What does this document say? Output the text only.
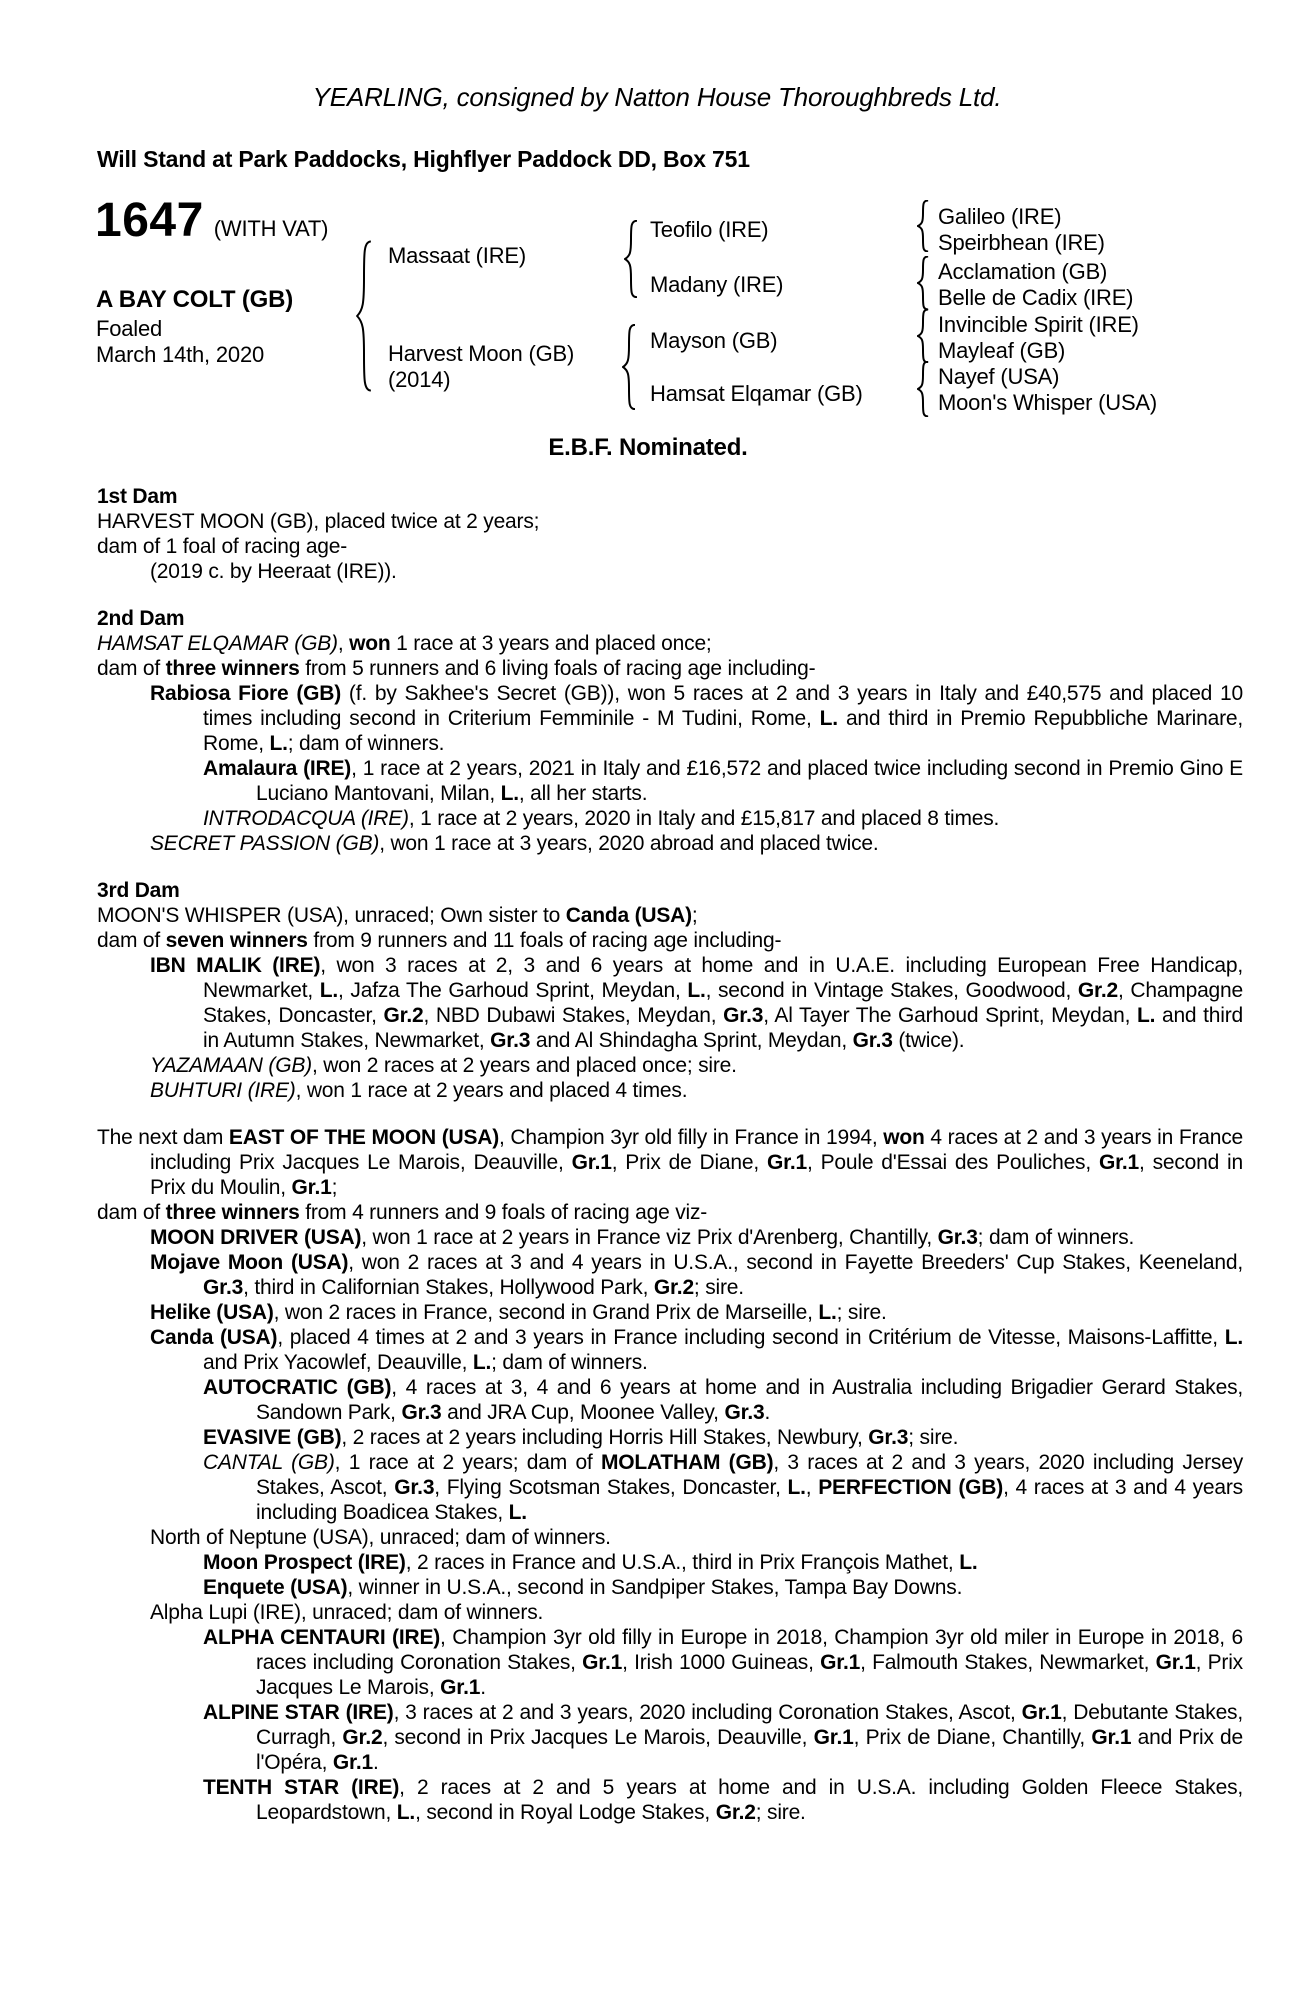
YEARLING, consigned by Natton House Thoroughbreds Ltd.
Will Stand at Park Paddocks, Highflyer Paddock DD, Box 751
1647 (WITH VAT)
A BAY COLT (GB)
Foaled
March 14th, 2020
Massaat (IRE)
Harvest Moon (GB)
(2014)
Teofilo (IRE)
Madany (IRE)
Mayson (GB)
Hamsat Elqamar (GB)
Galileo (IRE)
Speirbhean (IRE)
Acclamation (GB)
Belle de Cadix (IRE)
Invincible Spirit (IRE)
Mayleaf (GB)
Nayef (USA)
Moon's Whisper (USA)
E.B.F. Nominated.

1st Dam

HARVEST MOON (GB), placed twice at 2 years;

dam of 1 foal of racing age-

(2019 c. by Heeraat (IRE)).

2nd Dam

HAMSAT ELQAMAR (GB), won 1 race at 3 years and placed once;

dam of three winners from 5 runners and 6 living foals of racing age including-

Rabiosa Fiore (GB) (f. by Sakhee's Secret (GB)), won 5 races at 2 and 3 years in Italy and £40,575 and placed 10 times including second in Criterium Femminile - M Tudini, Rome, L. and third in Premio Repubbliche Marinare, Rome, L.; dam of winners.

Amalaura (IRE), 1 race at 2 years, 2021 in Italy and £16,572 and placed twice including second in Premio Gino E Luciano Mantovani, Milan, L., all her starts.

INTRODACQUA (IRE), 1 race at 2 years, 2020 in Italy and £15,817 and placed 8 times.

SECRET PASSION (GB), won 1 race at 3 years, 2020 abroad and placed twice.

3rd Dam

MOON'S WHISPER (USA), unraced; Own sister to Canda (USA);

dam of seven winners from 9 runners and 11 foals of racing age including-

IBN MALIK (IRE), won 3 races at 2, 3 and 6 years at home and in U.A.E. including European Free Handicap, Newmarket, L., Jafza The Garhoud Sprint, Meydan, L., second in Vintage Stakes, Goodwood, Gr.2, Champagne Stakes, Doncaster, Gr.2, NBD Dubawi Stakes, Meydan, Gr.3, Al Tayer The Garhoud Sprint, Meydan, L. and third in Autumn Stakes, Newmarket, Gr.3 and Al Shindagha Sprint, Meydan, Gr.3 (twice).

YAZAMAAN (GB), won 2 races at 2 years and placed once; sire.

BUHTURI (IRE), won 1 race at 2 years and placed 4 times.

The next dam EAST OF THE MOON (USA), Champion 3yr old filly in France in 1994, won 4 races at 2 and 3 years in France including Prix Jacques Le Marois, Deauville, Gr.1, Prix de Diane, Gr.1, Poule d'Essai des Pouliches, Gr.1, second in Prix du Moulin, Gr.1;

dam of three winners from 4 runners and 9 foals of racing age viz-

MOON DRIVER (USA), won 1 race at 2 years in France viz Prix d'Arenberg, Chantilly, Gr.3; dam of winners.

Mojave Moon (USA), won 2 races at 3 and 4 years in U.S.A., second in Fayette Breeders' Cup Stakes, Keeneland, Gr.3, third in Californian Stakes, Hollywood Park, Gr.2; sire.

Helike (USA), won 2 races in France, second in Grand Prix de Marseille, L.; sire.

Canda (USA), placed 4 times at 2 and 3 years in France including second in Critérium de Vitesse, Maisons-Laffitte, L. and Prix Yacowlef, Deauville, L.; dam of winners.

AUTOCRATIC (GB), 4 races at 3, 4 and 6 years at home and in Australia including Brigadier Gerard Stakes, Sandown Park, Gr.3 and JRA Cup, Moonee Valley, Gr.3.

EVASIVE (GB), 2 races at 2 years including Horris Hill Stakes, Newbury, Gr.3; sire.

CANTAL (GB), 1 race at 2 years; dam of MOLATHAM (GB), 3 races at 2 and 3 years, 2020 including Jersey Stakes, Ascot, Gr.3, Flying Scotsman Stakes, Doncaster, L., PERFECTION (GB), 4 races at 3 and 4 years including Boadicea Stakes, L.

North of Neptune (USA), unraced; dam of winners.

Moon Prospect (IRE), 2 races in France and U.S.A., third in Prix François Mathet, L.

Enquete (USA), winner in U.S.A., second in Sandpiper Stakes, Tampa Bay Downs.

Alpha Lupi (IRE), unraced; dam of winners.

ALPHA CENTAURI (IRE), Champion 3yr old filly in Europe in 2018, Champion 3yr old miler in Europe in 2018, 6 races including Coronation Stakes, Gr.1, Irish 1000 Guineas, Gr.1, Falmouth Stakes, Newmarket, Gr.1, Prix Jacques Le Marois, Gr.1.

ALPINE STAR (IRE), 3 races at 2 and 3 years, 2020 including Coronation Stakes, Ascot, Gr.1, Debutante Stakes, Curragh, Gr.2, second in Prix Jacques Le Marois, Deauville, Gr.1, Prix de Diane, Chantilly, Gr.1 and Prix de l'Opéra, Gr.1.

TENTH STAR (IRE), 2 races at 2 and 5 years at home and in U.S.A. including Golden Fleece Stakes, Leopardstown, L., second in Royal Lodge Stakes, Gr.2; sire.
